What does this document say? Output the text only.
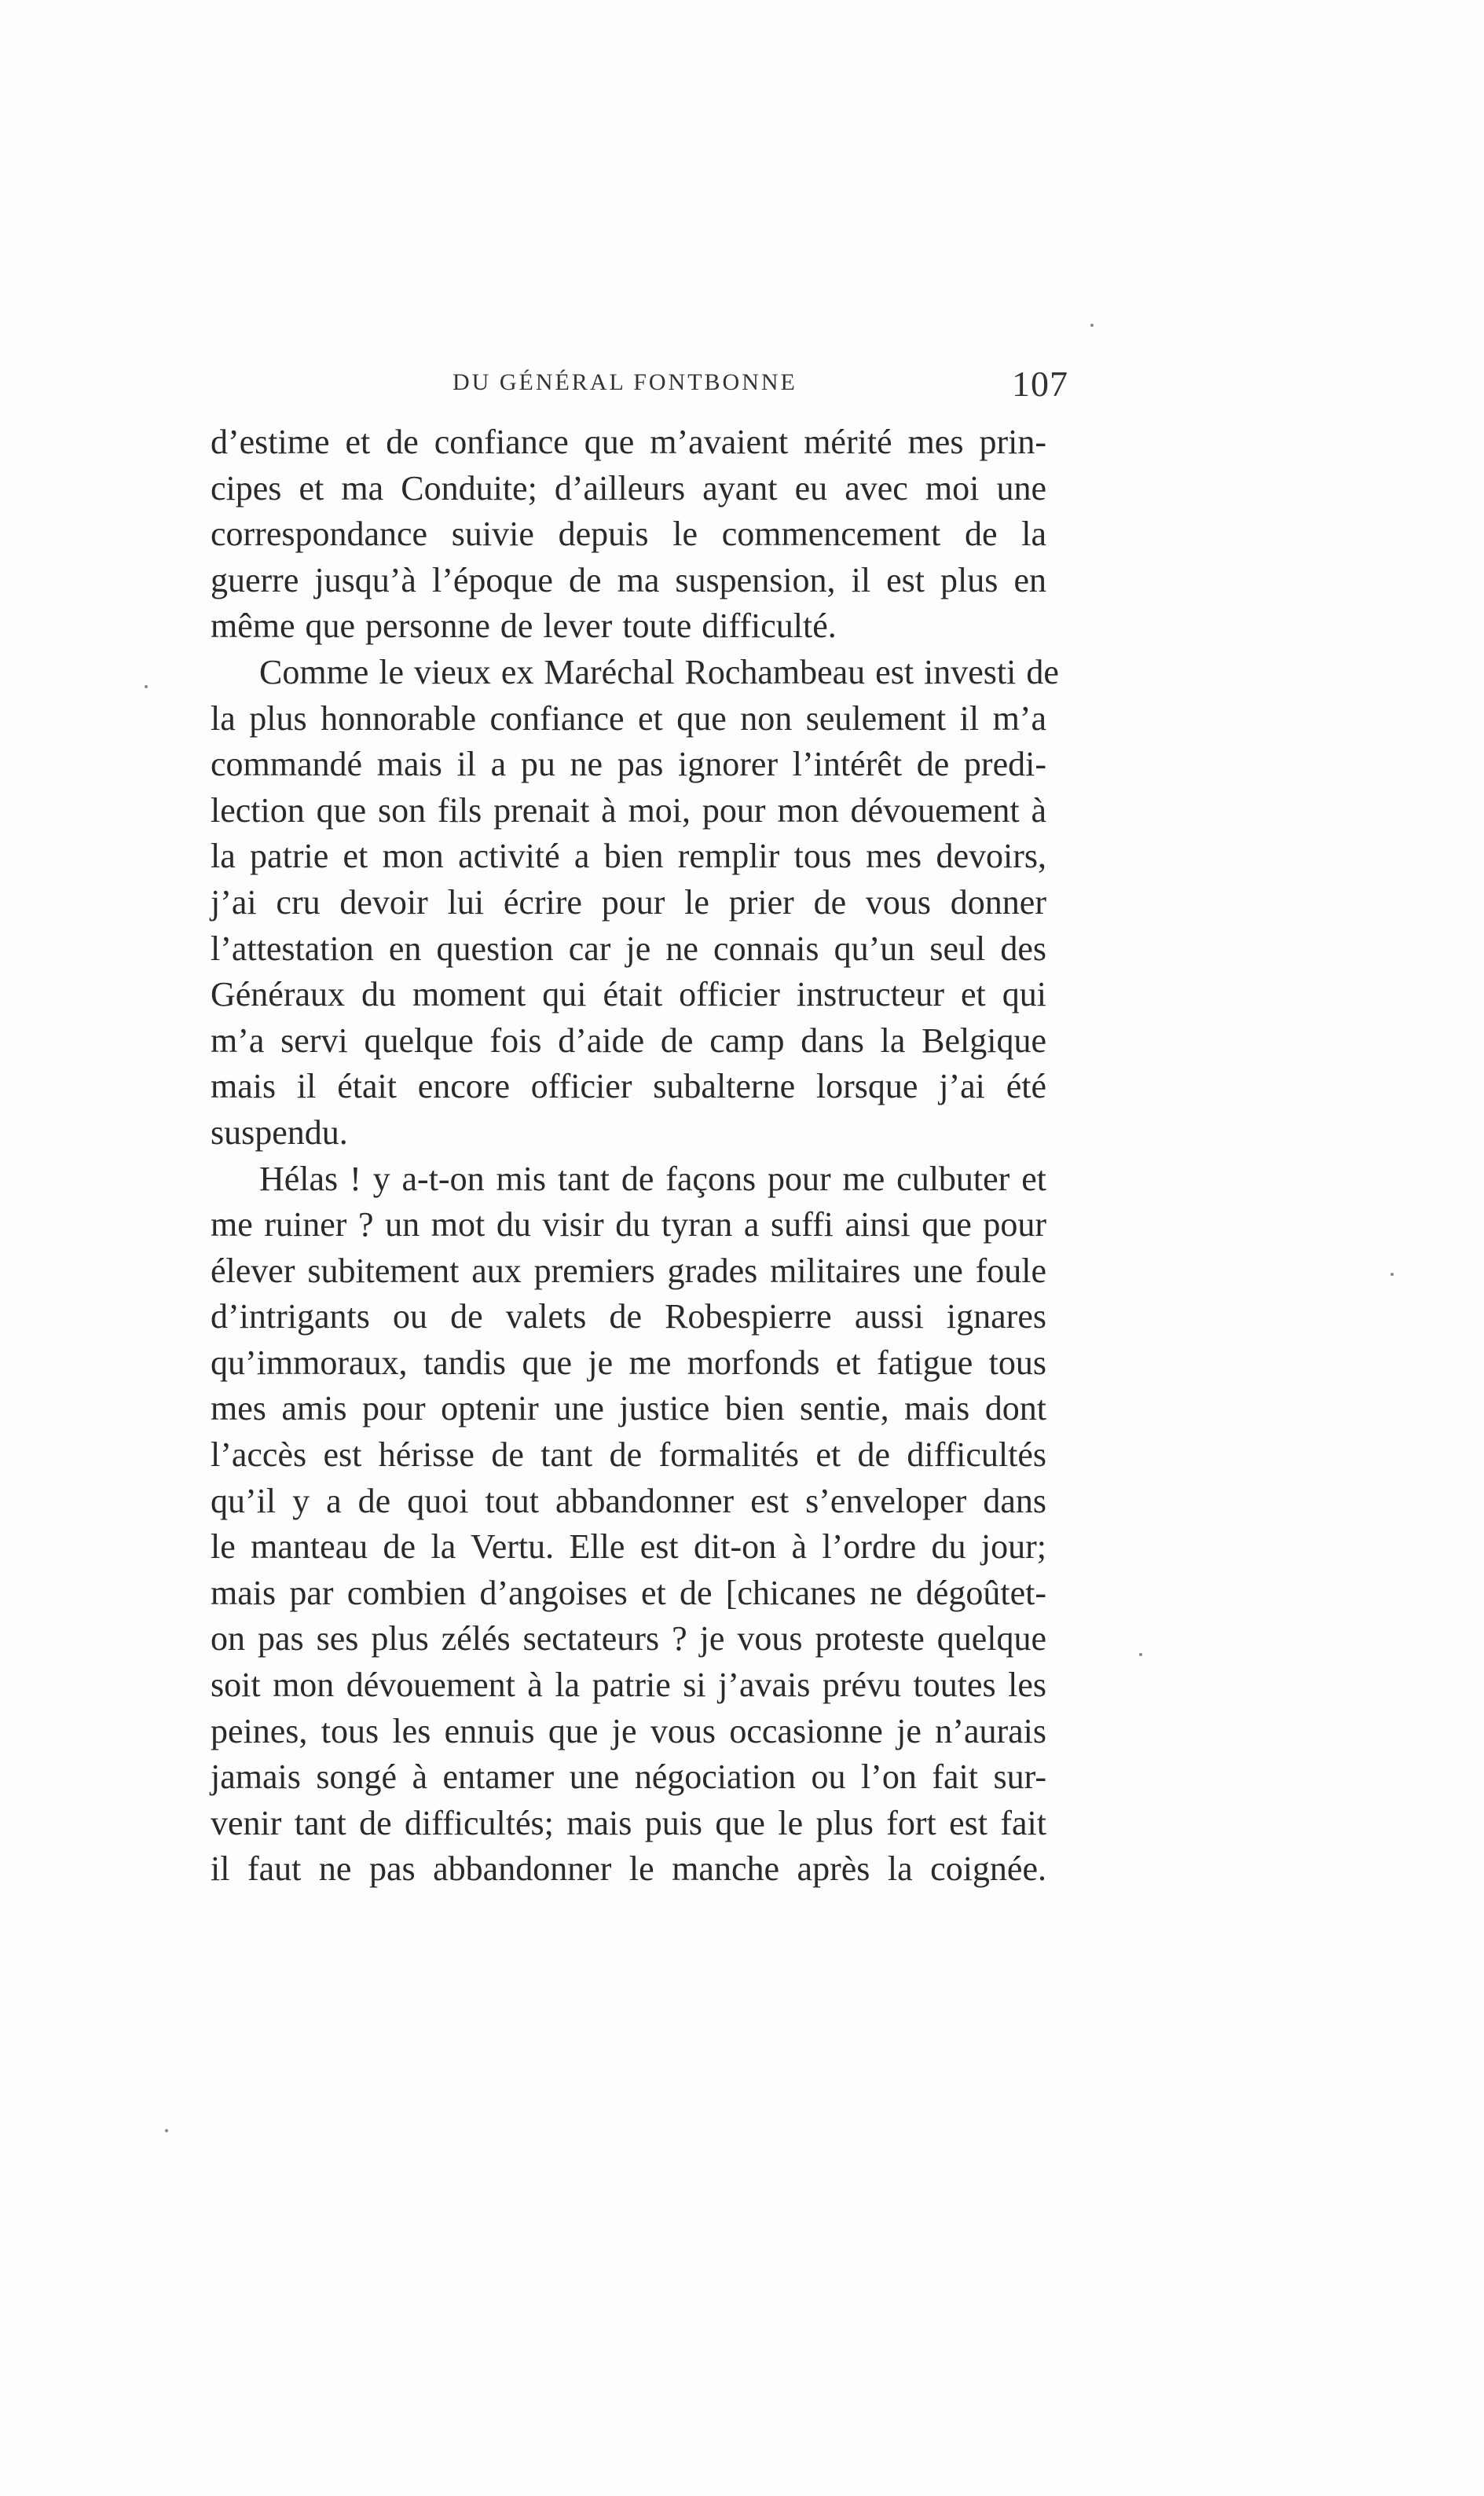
DU GÉNÉRAL FONTBONNE	107
d’estime et de confiance que m’avaient mérité mes prin-
cipes et ma Conduite; d’ailleurs ayant eu avec moi une
correspondance suivie depuis le commencement de la
guerre jusqu’à l’époque de ma suspension, il est plus en
même que personne de lever toute difficulté.
Comme le vieux ex Maréchal Rochambeau est investi de
la plus honnorable confiance et que non seulement il m’a
commandé mais il a pu ne pas ignorer l’intérêt de predi-
lection que son fils prenait à moi, pour mon dévouement à
la patrie et mon activité a bien remplir tous mes devoirs,
j’ai cru devoir lui écrire pour le prier de vous donner
l’attestation en question car je ne connais qu’un seul des
Généraux du moment qui était officier instructeur et qui
m’a servi quelque fois d’aide de camp dans la Belgique
mais il était encore officier subalterne lorsque j’ai été
suspendu.
Hélas ! y a-t-on mis tant de façons pour me culbuter et
me ruiner ? un mot du visir du tyran a suffi ainsi que pour
élever subitement aux premiers grades militaires une foule
d’intrigants ou de valets de Robespierre aussi ignares
qu’immoraux, tandis que je me morfonds et fatigue tous
mes amis pour optenir une justice bien sentie, mais dont
l’accès est hérisse de tant de formalités et de difficultés
qu’il y a de quoi tout abbandonner est s’enveloper dans
le manteau de la Vertu. Elle est dit-on à l’ordre du jour;
mais par combien d’angoises et de [chicanes ne dégoûtet-
on pas ses plus zélés sectateurs ? je vous proteste quelque
soit mon dévouement à la patrie si j’avais prévu toutes les
peines, tous les ennuis que je vous occasionne je n’aurais
jamais songé à entamer une négociation ou l’on fait sur-
venir tant de difficultés; mais puis que le plus fort est fait
il faut ne pas abbandonner le manche après la coignée.
